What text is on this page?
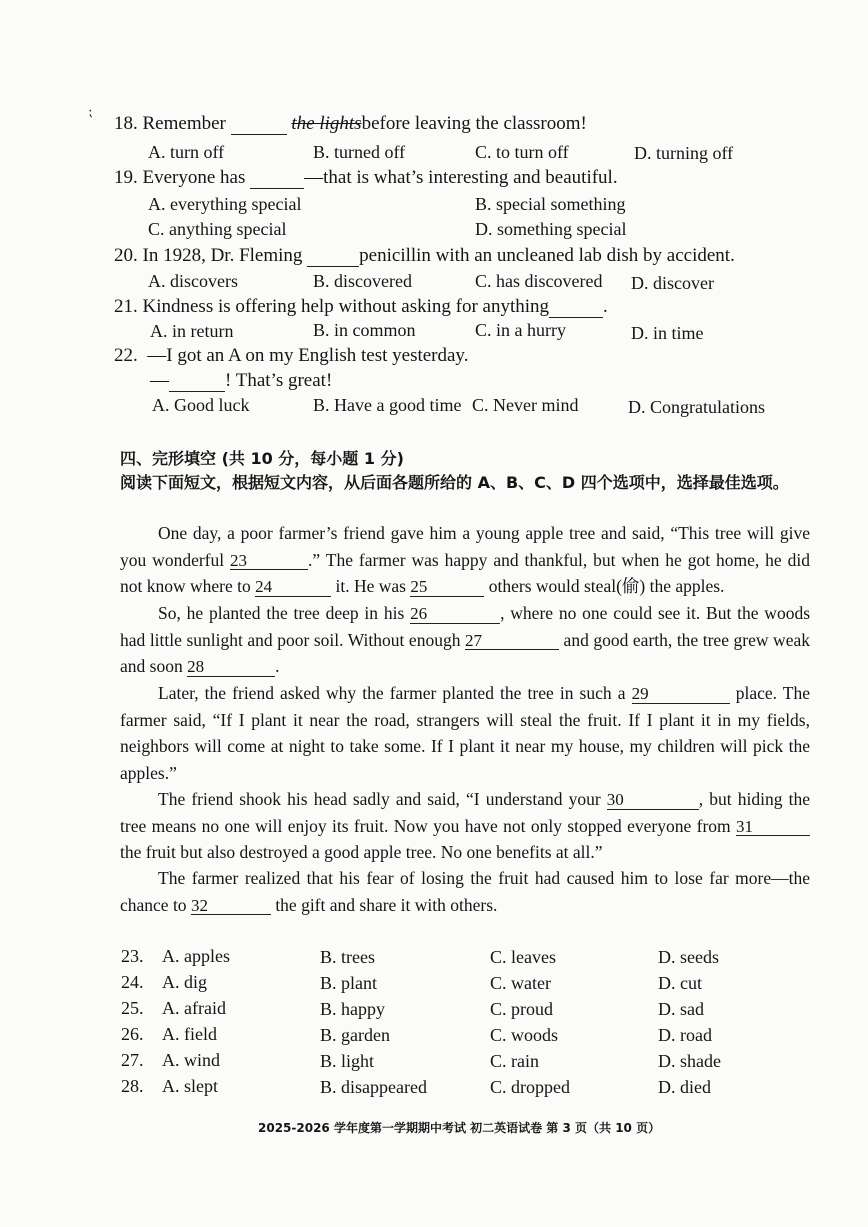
⁏
18. Remember	the lightsbefore leaving the classroom!
A. turn off	B. turned off	C. to turn off	D. turning off
19. Everyone has	—that is what’s interesting and beautiful.
A. everything special	B. special something
C. anything special	D. something special
20. In 1928, Dr. Fleming	penicillin with an uncleaned lab dish by accident.
A. discovers	B. discovered	C. has discovered D. discover
21. Kindness is offering help without asking for anything	.
A. in return	B. in common	C. in a hurry	D. in time
22. —I got an A on my English test yesterday.
—	! That’s great!
A. Good luck	B. Have a good time C. Never mind	D. Congratulations
四、完形填空 (共 10 分，每小题 1 分)
阅读下面短文，根据短文内容，从后面各题所给的 A、B、C、D 四个选项中，选择最佳选项。
One day, a poor farmer’s friend gave him a young apple tree and said, “This tree will give you wonderful 23	.” The farmer was happy and thankful, but when he got home, he did not know where to 24	it. He was 25	others would steal(偷) the apples.
So, he planted the tree deep in his 26	, where no one could see it. But the woods had little sunlight and poor soil. Without enough 27	and good earth, the tree grew weak and soon 28	.
Later, the friend asked why the farmer planted the tree in such a 29	place. The farmer said, “If I plant it near the road, strangers will steal the fruit. If I plant it in my fields, neighbors will come at night to take some. If I plant it near my house, my children will pick the apples.”
The friend shook his head sadly and said, “I understand your 30	, but hiding the tree means no one will enjoy its fruit. Now you have not only stopped everyone from 31 the fruit but also destroyed a good apple tree. No one benefits at all.”
The farmer realized that his fear of losing the fruit had caused him to lose far more—the chance to 32	the gift and share it with others.
23. A. apples	B. trees	C. leaves	D. seeds
24. A. dig	B. plant	C. water	D. cut
25. A. afraid	B. happy	C. proud	D. sad
26. A. field	B. garden	C. woods	D. road
27. A. wind	B. light	C. rain	D. shade
28. A. slept	B. disappeared	C. dropped	D. died
2025-2026 学年度第一学期期中考试 初二英语试卷 第 3 页（共 10 页）
